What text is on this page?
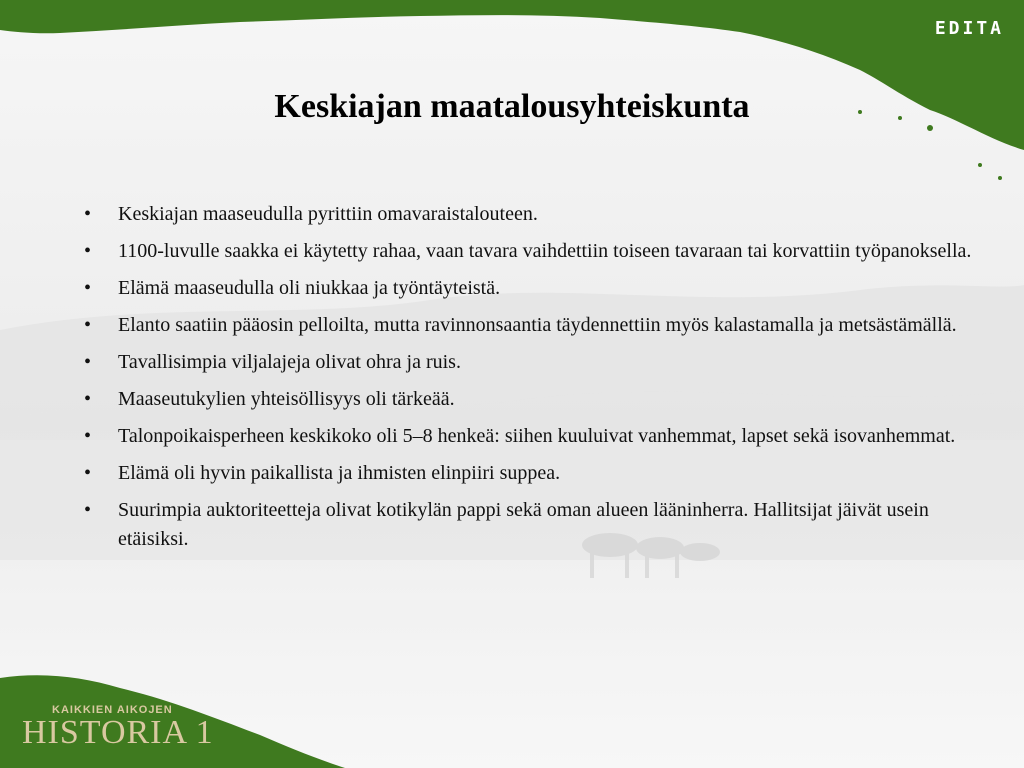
EDITA
Keskiajan maatalousyhteiskunta
• Keskiajan maaseudulla pyrittiin omavaraistalouteen.
• 1100-luvulle saakka ei käytetty rahaa, vaan tavara vaihdettiin toiseen tavaraan tai korvattiin työpanoksella.
• Elämä maaseudulla oli niukkaa ja työntäyteistä.
• Elanto saatiin pääosin pelloilta, mutta ravinnonsaantia täydennettiin myös kalastamalla ja metsästämällä.
• Tavallisimpia viljalajeja olivat ohra ja ruis.
• Maaseutukylien yhteisöllisyys oli tärkeää.
• Talonpoikaisperheen keskikoko oli 5–8 henkeä: siihen kuuluivat vanhemmat, lapset sekä isovanhemmat.
• Elämä oli hyvin paikallista ja ihmisten elinpiiri suppea.
• Suurimpia auktoriteetteja olivat kotikylän pappi sekä oman alueen lääninherra. Hallitsijat jäivät usein etäisiksi.
KAIKKIEN AIKOJEN
HISTORIA 1
